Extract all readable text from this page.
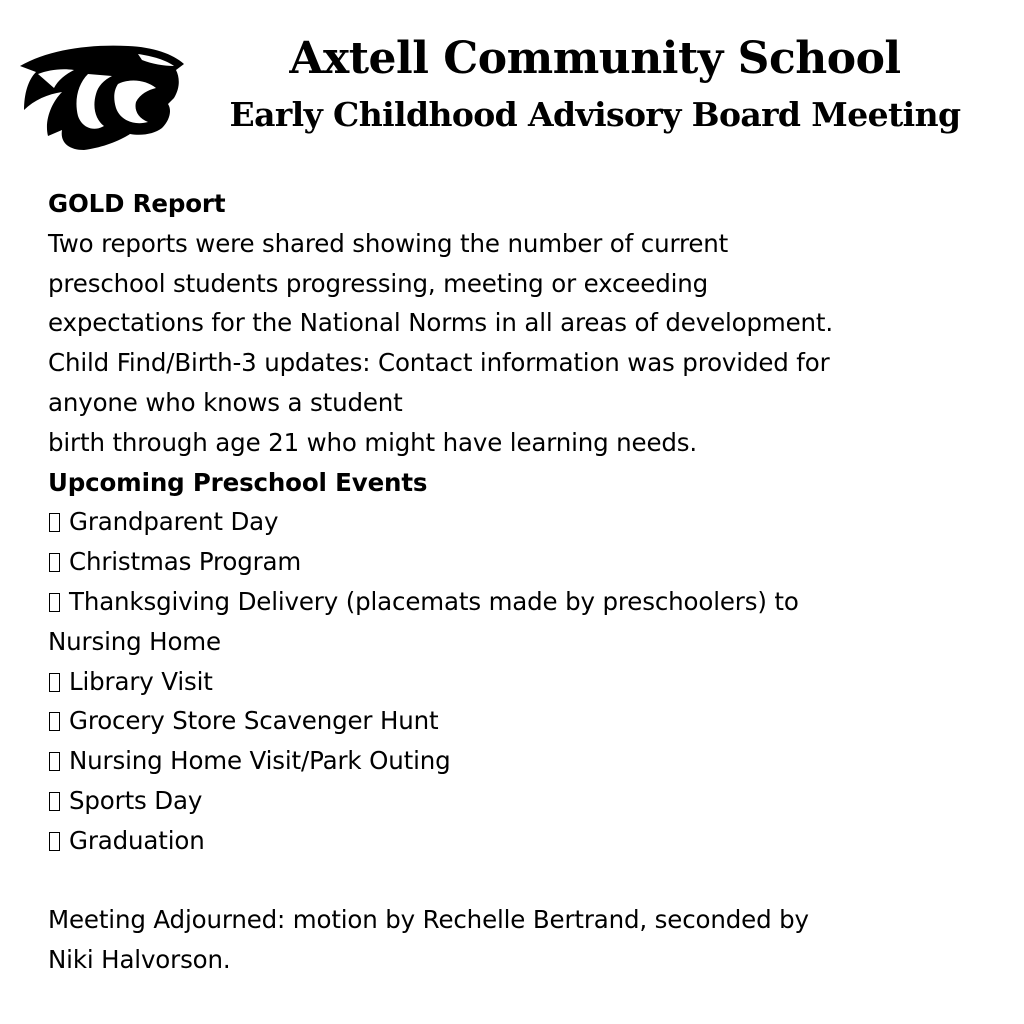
Axtell Community School
Early Childhood Advisory Board Meeting
GOLD Report
Two reports were shared showing the number of current
preschool students progressing, meeting or exceeding
expectations for the National Norms in all areas of development.
Child Find/Birth-3 updates: Contact information was provided for
anyone who knows a student
birth through age 21 who might have learning needs.
Upcoming Preschool Events
Grandparent Day
Christmas Program
Thanksgiving Delivery (placemats made by preschoolers) to
Nursing Home
Library Visit
Grocery Store Scavenger Hunt
Nursing Home Visit/Park Outing
Sports Day
Graduation
Meeting Adjourned: motion by Rechelle Bertrand, seconded by
Niki Halvorson.
